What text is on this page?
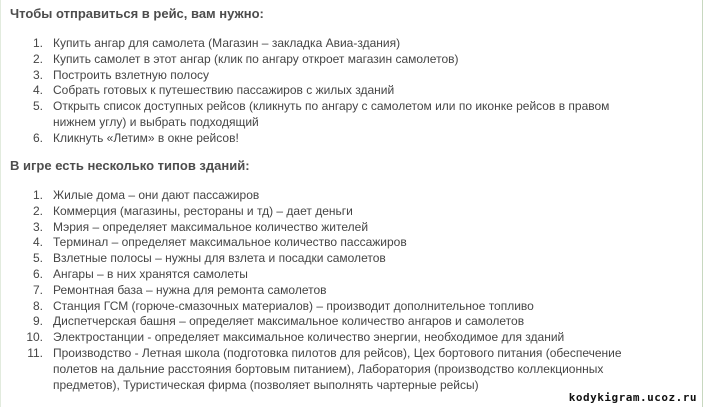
Чтобы отправиться в рейс, вам нужно:
1. Купить ангар для самолета (Магазин – закладка Авиа-здания)
2. Купить самолет в этот ангар (клик по ангару откроет магазин самолетов)
3. Построить взлетную полосу
4. Собрать готовых к путешествию пассажиров с жилых зданий
5. Открыть список доступных рейсов (кликнуть по ангару с самолетом или по иконке рейсов в правом нижнем углу) и выбрать подходящий
6. Кликнуть «Летим» в окне рейсов!
В игре есть несколько типов зданий:
1. Жилые дома – они дают пассажиров
2. Коммерция (магазины, рестораны и тд) – дает деньги
3. Мэрия – определяет максимальное количество жителей
4. Терминал – определяет максимальное количество пассажиров
5. Взлетные полосы – нужны для взлета и посадки самолетов
6. Ангары – в них хранятся самолеты
7. Ремонтная база – нужна для ремонта самолетов
8. Станция ГСМ (горюче-смазочных материалов) – производит дополнительное топливо
9. Диспетчерская башня – определяет максимальное количество ангаров и самолетов
10. Электростанции - определяет максимальное количество энергии, необходимое для зданий
11. Производство - Летная школа (подготовка пилотов для рейсов), Цех бортового питания (обеспечение полетов на дальние расстояния бортовым питанием), Лаборатория (производство коллекционных предметов), Туристическая фирма (позволяет выполнять чартерные рейсы)
kodykigram.ucoz.ru
